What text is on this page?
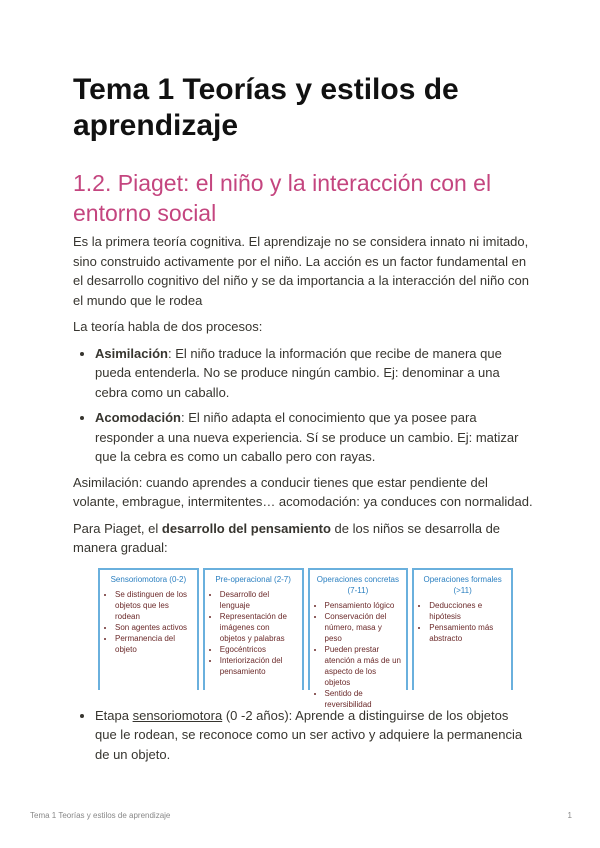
Tema 1 Teorías y estilos de aprendizaje
1.2. Piaget: el niño y la interacción con el entorno social

Es la primera teoría cognitiva. El aprendizaje no se considera innato ni imitado, sino construido activamente por el niño. La acción es un factor fundamental en el desarrollo cognitivo del niño y se da importancia a la interacción del niño con el mundo que le rodea

La teoría habla de dos procesos:

• Asimilación: El niño traduce la información que recibe de manera que pueda entenderla. No se produce ningún cambio. Ej: denominar a una cebra como un caballo.
• Acomodación: El niño adapta el conocimiento que ya posee para responder a una nueva experiencia. Sí se produce un cambio. Ej: matizar que la cebra es como un caballo pero con rayas.

Asimilación: cuando aprendes a conducir tienes que estar pendiente del volante, embrague, intermitentes… acomodación: ya conduces con normalidad.

Para Piaget, el desarrollo del pensamiento de los niños se desarrolla de manera gradual:

Sensoriomotora (0-2)
• Se distinguen de los objetos que les rodean
• Son agentes activos
• Permanencia del objeto
Pre-operacional (2-7)
• Desarrollo del lenguaje
• Representación de imágenes con objetos y palabras
• Egocéntricos
• Interiorización del pensamiento
Operaciones concretas (7-11)
• Pensamiento lógico
• Conservación del número, masa y peso
• Pueden prestar atención a más de un aspecto de los objetos
• Sentido de reversibilidad
Operaciones formales (>11)
• Deducciones e hipótesis
• Pensamiento más abstracto
• Etapa sensoriomotora (0 -2 años): Aprende a distinguirse de los objetos que le rodean, se reconoce como un ser activo y adquiere la permanencia de un objeto.
Tema 1 Teorías y estilos de aprendizaje	1
